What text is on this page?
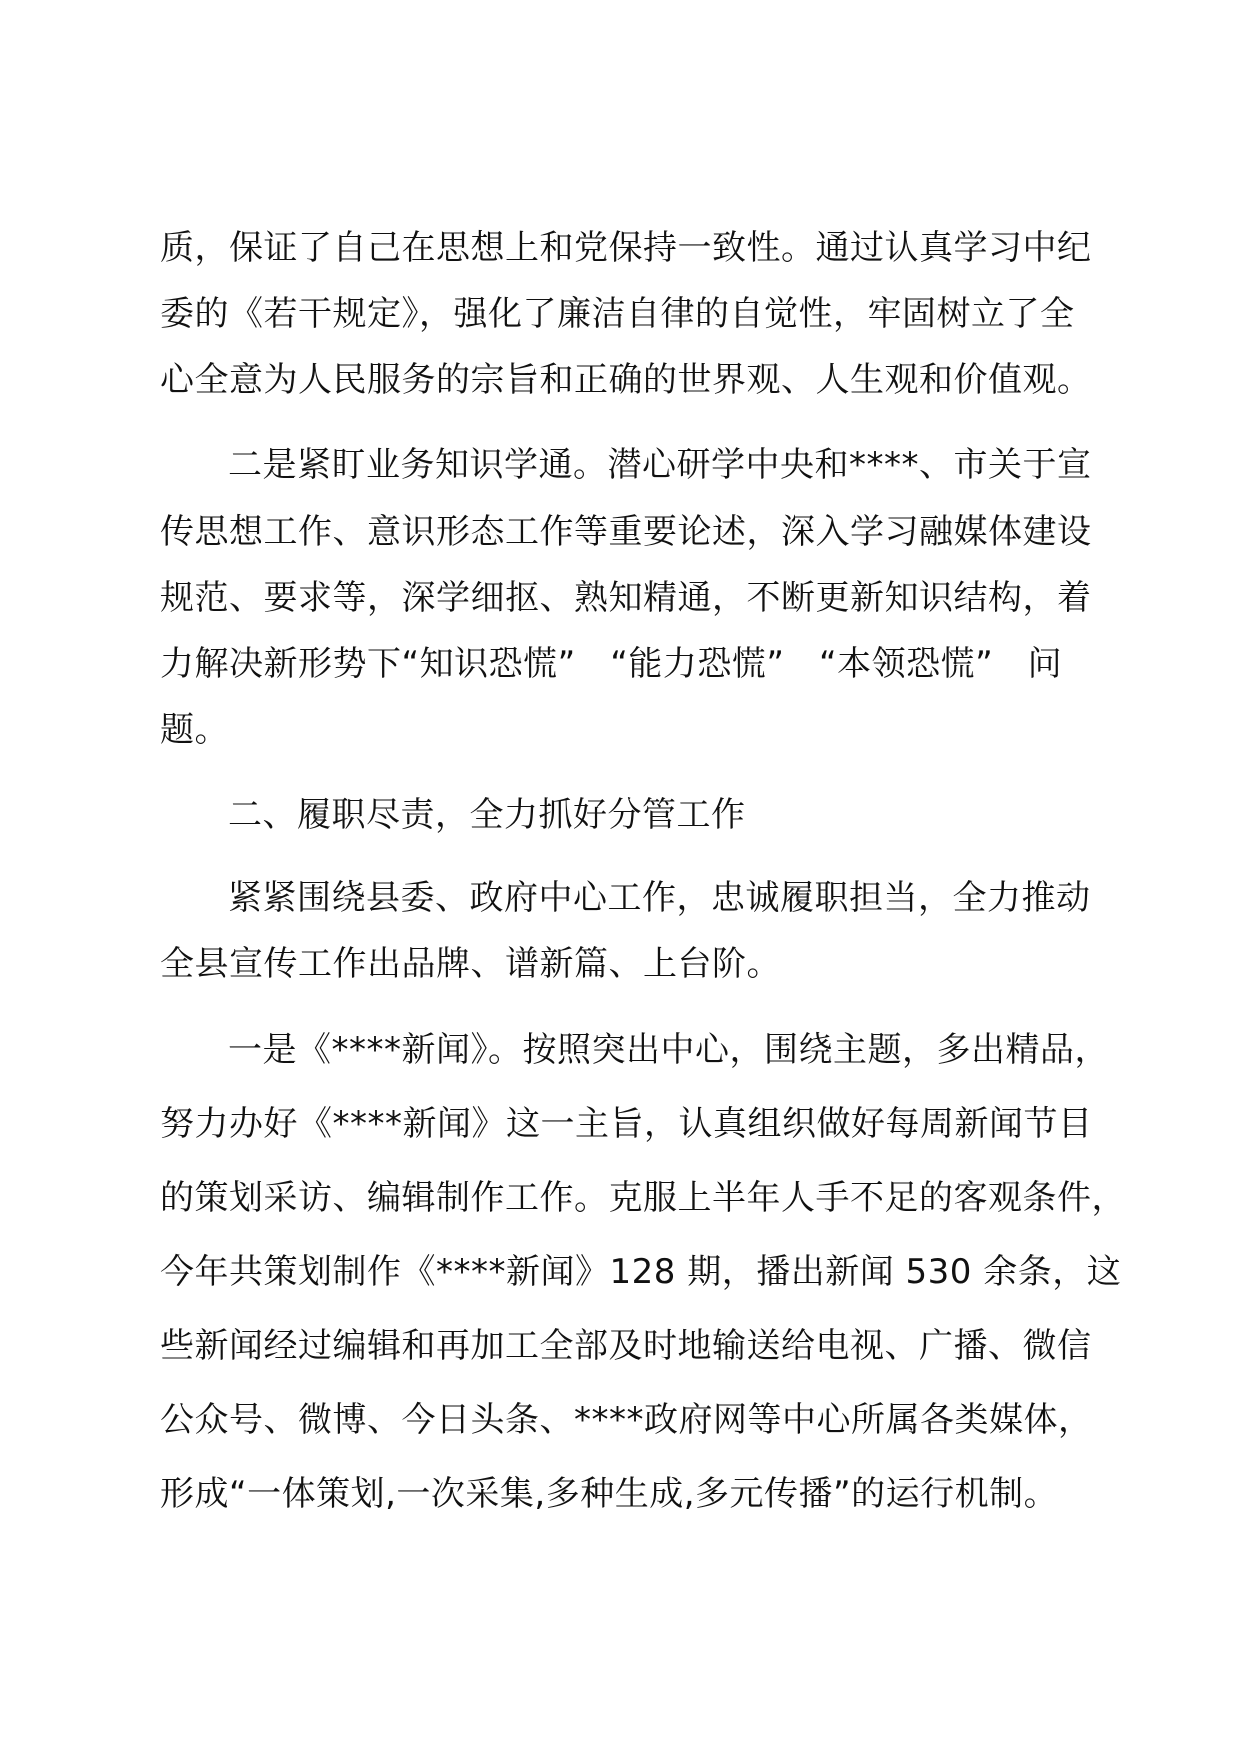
质，保证了自己在思想上和党保持一致性。通过认真学习中纪
委的《若干规定》，强化了廉洁自律的自觉性，牢固树立了全
心全意为人民服务的宗旨和正确的世界观、人生观和价值观。
二是紧盯业务知识学通。潜心研学中央和****、市关于宣
传思想工作、意识形态工作等重要论述，深入学习融媒体建设
规范、要求等，深学细抠、熟知精通，不断更新知识结构，着
力解决新形势下“知识恐慌”　“能力恐慌”　“本领恐慌”　问
题。
二、履职尽责，全力抓好分管工作
紧紧围绕县委、政府中心工作，忠诚履职担当，全力推动
全县宣传工作出品牌、谱新篇、上台阶。
一是《****新闻》。按照突出中心，围绕主题，多出精品，
努力办好《****新闻》这一主旨，认真组织做好每周新闻节目
的策划采访、编辑制作工作。克服上半年人手不足的客观条件，
今年共策划制作《****新闻》128 期，播出新闻 530 余条，这
些新闻经过编辑和再加工全部及时地输送给电视、广播、微信
公众号、微博、今日头条、****政府网等中心所属各类媒体，
形成“一体策划,一次采集,多种生成,多元传播”的运行机制。
